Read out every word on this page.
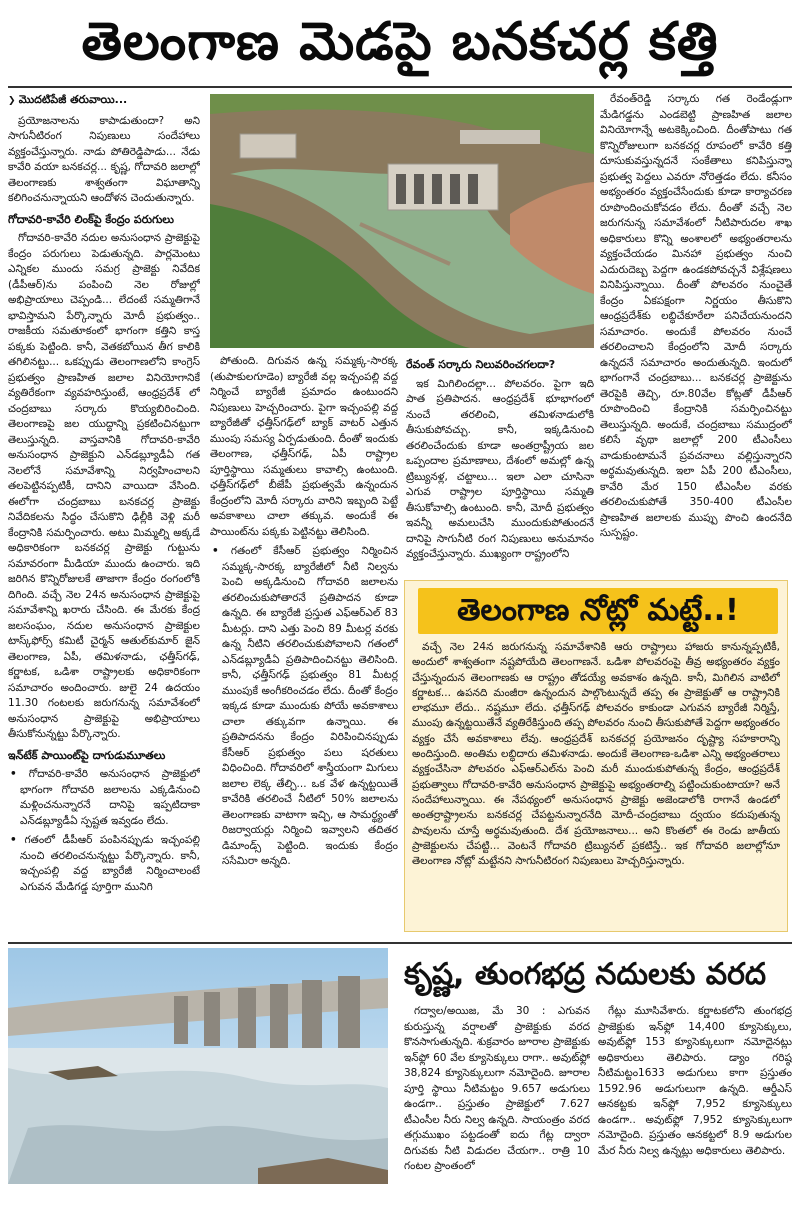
తెలంగాణ మెడపై బనకచర్ల కత్తి
❯ మొదటిపేజీ తరువాయి...

ప్రయోజనాలను కాపాడుతుందా? అని సాగునీటిరంగ నిపుణులు సందేహాలు వ్యక్తంచేస్తున్నారు. నాడు పోతిరెడ్డిపాడు... నేడు కావేరి వయా బనకచర్ల... కృష్ణ, గోదావరి జలాల్లో తెలంగాణకు శాశ్వతంగా విఘాతాన్ని కలిగించనున్నాయని ఆందోళన చెందుతున్నారు.

గోదావరి-కావేరి లింక్‌పై కేంద్రం పరుగులు

గోదావరి-కావేరి నదుల అనుసంధాన ప్రాజెక్టుపై కేంద్రం పరుగులు పెడుతున్నది. పార్లమెంటు ఎన్నికల ముందు సమగ్ర ప్రాజెక్టు నివేదిక (డీపీఆర్)ను పంపించి నెల రోజుల్లో అభిప్రాయాలు చెప్పండి... లేదంటే సమ్మతిగానే భావిస్తామని పేర్కొన్నారు మోదీ ప్రభుత్వం.. రాజకీయ సమతూకంలో భాగంగా కత్తిని కాస్త పక్కకు పెట్టింది. కానీ, వెతకబోయిన తీగ కాలికి తగిలినట్టు... ఒకప్పుడు తెలంగాణలోని కాంగ్రెస్ ప్రభుత్వం ప్రాణహిత జలాల వినియోగానికే వ్యతిరేకంగా వ్యవహరిస్తుంటే, ఆంధ్రప్రదేశ్ లో చంద్రబాబు సర్కారు కొయ్యబిరించింది. తెలంగాణపై జల యుద్ధాన్ని ప్రకటించినట్టుగా తెలుస్తున్నది. వాస్తవానికి గోదావరి-కావేరి అనుసంధాన ప్రాజెక్టుని ఎన్‌డబ్ల్యూడీఏ గత నెలలోనే సమావేశాన్ని నిర్వహించాలని తలపెట్టినప్పటికీ, దానిని వాయిదా వేసింది. ఈలోగా చంద్రబాబు బనకచర్ల ప్రాజెక్టు నివేదికలను సిద్ధం చేసుకొని ఢిల్లీకి వెళ్లి మరీ కేంద్రానికి సమర్పించారు. అటు మిమ్మల్ని అక్కడే అధికారికంగా బనకచర్ల ప్రాజెక్టు గుట్టును సమావరంగా మీడియా ముందు ఉంచారు. ఇది జరిగిన కొన్నిరోజులకే తాజాగా కేంద్రం రంగంలోకి దిగింది. వచ్చే నెల 24న అనుసంధాన ప్రాజెక్టుపై సమావేశాన్ని ఖరారు చేసింది. ఈ మేరకు కేంద్ర జలసంఘం, నదుల అనుసంధాన ప్రాజెక్టుల టాస్క్‌ఫోర్స్ కమిటీ చైర్మన్ ఆతుల్‌కుమార్ జైన్ తెలంగాణ, ఏపీ, తమిళనాడు, ఛత్తీస్‌గఢ్, కర్ణాటక, ఒడిశా రాష్ట్రాలకు అధికారికంగా సమాచారం అందించారు. జులై 24 ఉదయం 11.30 గంటలకు జరుగనున్న సమావేశంలో అనుసంధాన ప్రాజెక్టుపై అభిప్రాయాలు తీసుకోనున్నట్టు పేర్కొన్నారు.

ఇన్‌టేక్ పాయింట్‌పై దాగుడుమూతలు

• గోదావరి-కావేరి అనుసంధాన ప్రాజెక్టులో భాగంగా గోదావరి జలాలను ఎక్కడినుంచి మళ్లించనున్నారనే దానిపై ఇప్పటిదాకా ఎన్‌డబ్ల్యూడీఏ స్పష్టత ఇవ్వడం లేదు.

• గతంలో డీపీఆర్ పంపినప్పుడు ఇచ్చంపల్లి నుంచి తరలించనున్నట్టు పేర్కొన్నారు. కానీ, ఇచ్చంపల్లి వద్ద బ్యారేజీ నిర్మించాలంటే ఎగువన మేడిగడ్డ పూర్తిగా మునిగి

పోతుంది. దిగువన ఉన్న సమ్మక్క-సారక్క (తుపాకులగూడెం) బ్యారేజీ వల్ల ఇచ్చంపల్లి వద్ద నిర్మించే బ్యారేజీ ప్రమాదం ఉంటుందని నిపుణులు హెచ్చరించారు. పైగా ఇచ్చంపల్లి వద్ద బ్యారేజీతో ఛత్తీస్‌గఢ్‌లో బ్యాక్ వాటర్ ఎత్తున ముంపు సమస్య ఏర్పడుతుంది. దీంతో ఇందుకు తెలంగాణ, ఛత్తీస్‌గఢ్, ఏపీ రాష్ట్రాల పూర్తిస్థాయి సమ్మతులు కావాల్సి ఉంటుంది. ఛత్తీస్‌గఢ్‌లో బీజేపీ ప్రభుత్వమే ఉన్నందున కేంద్రంలోని మోదీ సర్కారు వారిని ఇబ్బంది పెట్టే అవకాశాలు చాలా తక్కువ. అందుకే ఈ పాయింట్‌ను పక్కకు పెట్టినట్టు తెలిసింది.

• గతంలో కేసీఆర్ ప్రభుత్వం నిర్మించిన సమ్మక్క-సారక్క బ్యారేజీలో నీటి నిల్వను పెంచి అక్కడినుంచి గోదావరి జలాలను తరలించుకుపోతారనే ప్రతిపాదన కూడా ఉన్నది. ఈ బ్యారేజీ ప్రస్తుత ఎఫ్‌ఆర్‌ఎల్ 83 మీటర్లు. దాని ఎత్తు పెంచి 89 మీటర్ల వరకు ఉన్న నీటిని తరలించుకుపోవాలని గతంలో ఎన్‌డబ్ల్యూడీఏ ప్రతిపాదించినట్టు తెలిసింది. కానీ, ఛత్తీస్‌గఢ్ ప్రభుత్వం 81 మీటర్ల ముంపుకే అంగీకరించడం లేదు. దీంతో కేంద్రం ఇక్కడ కూడా ముందుకు పోయే అవకాశాలు చాలా తక్కువగా ఉన్నాయి. ఈ ప్రతిపాదనను కేంద్రం విరిపించినప్పుడు కేసీఆర్ ప్రభుత్వం పలు షరతులు విధించింది. గోదావరిలో శాస్త్రీయంగా మిగులు జలాల లెక్క తేల్చి... ఒక వేళ ఉన్నట్టయితే కావేరికి తరలించే నీటిలో 50% జలాలను తెలంగాణకు వాటాగా ఇచ్చి, ఆ సామర్థ్యంతో రిజర్వాయర్లు నిర్మించి ఇవ్వాలని తదితర డిమాండ్స్ పెట్టింది. ఇందుకు కేంద్రం ససేమిరా అన్నది.

రేవంత్ సర్కారు నిలువరించగలదా?

ఇక మిగిలిందల్లా... పోలవరం. పైగా ఇది పాత ప్రతిపాదన. ఆంధ్రప్రదేశ్ భూభాగంలో నుంచే తరలించి, తమిళనాడులోకి తీసుకుపోవచ్చు. కానీ, ఇక్కడినుంచి తరలించేందుకు కూడా అంతర్రాష్ట్రీయ జల ఒప్పందాల ప్రమాణాలు, దేశంలో అమల్లో ఉన్న ట్రిబ్యునళ్ల, చట్టాలు... ఇలా ఎలా చూసినా ఎగువ రాష్ట్రాల పూర్తిస్థాయి సమ్మతి తీసుకోవాల్సి ఉంటుంది. కానీ, మోదీ ప్రభుత్వం ఇవన్నీ అమలుచేసి ముందుకుపోతుందనే దానిపై సాగునీటి రంగ నిపుణులు అనుమానం వ్యక్తంచేస్తున్నారు. ముఖ్యంగా రాష్ట్రంలోని

రేవంత్‌రెడ్డి సర్కారు గత రెండేండ్లుగా మేడిగడ్డను ఎండబెట్టి ప్రాణహిత జలాల వినియోగాన్నే అటకెక్కించింది. దీంతోపాటు గత కొన్నిరోజులుగా బనకచర్ల రూపంలో కావేరి కత్తి దూసుకువస్తున్నదనే సంకేతాలు కనిపిస్తున్నా ప్రభుత్వ పెద్దలు ఎవరూ నోరెత్తడం లేదు. కనీసం అభ్యంతరం వ్యక్తంచేసేందుకు కూడా కార్యాచరణ రూపొందించుకోవడం లేదు. దీంతో వచ్చే నెల జరుగనున్న సమావేశంలో నీటిపారుదల శాఖ అధికారులు కొన్ని అంశాలలో అభ్యంతరాలను వ్యక్తంచేయడం మినహా ప్రభుత్వం నుంచి ఎదురుదెబ్బ పెద్దగా ఉండకపోవచ్చనే విశ్లేషణలు వినిపిస్తున్నాయి. దీంతో పోలవరం నుంచైతే కేంద్రం ఏకపక్షంగా నిర్ణయం తీసుకొని ఆంధ్రప్రదేశ్‌కు లబ్ధిచేకూరేలా పనిచేయనుందని సమాచారం. అందుకే పోలవరం నుంచే తరలించాలని కేంద్రంలోని మోదీ సర్కారు ఉన్నదనే సమాచారం అందుతున్నది. ఇందులో భాగంగానే చంద్రబాబు... బనకచర్ల ప్రాజెక్టును తెరపైకి తెచ్చి, రూ.80వేల కోట్లతో డీపీఆర్ రూపొందించి కేంద్రానికి సమర్పించినట్టు తెలుస్తున్నది. అందుకే, చంద్రబాబు సముద్రంలో కలిసే వృథా జలాల్లో 200 టీఎంసీలు వాడుకుంటామనే ప్రవచనాలు వల్లిస్తున్నారని అర్థమవుతున్నది. ఇలా ఏపీ 200 టీఎంసీలు, కావేరి మేర 150 టీఎంసీల వరకు తరలించుకుపోతే 350-400 టీఎంసీల ప్రాణహిత జలాలకు ముప్పు పొంచి ఉందనేది సుస్పష్టం.

తెలంగాణ నోట్లో మట్టే..!

వచ్చే నెల 24న జరుగనున్న సమావేశానికి ఆరు రాష్ట్రాలు హాజరు కానున్నప్పటికీ, అందులో శాశ్వతంగా నష్టపోయేది తెలంగాణనే. ఒడిశా పోలవరంపై తీవ్ర అభ్యంతరం వ్యక్తం చేస్తున్నందున తెలంగాణకు ఆ రాష్ట్రం తోడయ్యే అవకాశం ఉన్నది. కానీ, మిగిలిన వాటిలో కర్ణాటక... ఉపనది మంజీరా ఉన్నందున పాల్గొంటున్నదే తప్ప ఈ ప్రాజెక్టుతో ఆ రాష్ట్రానికి లాభమూ లేదు.. నష్టమూ లేదు. ఛత్తీస్‌గఢ్ పోలవరం కాకుండా ఎగువన బ్యారేజీ నిర్మిస్తే, ముంపు ఉన్నట్టయితేనే వ్యతిరేకిస్తుంది తప్ప పోలవరం నుంచి తీసుకుపోతే పెద్దగా అభ్యంతరం వ్యక్తం చేసే అవకాశాలు లేవు. ఆంధ్రప్రదేశ్ బనకచర్ల ప్రయోజనం దృష్ట్యా సహకారాన్ని అందిస్తుంది. అంతిమ లబ్ధిదారు తమిళనాడు. అందుకే తెలంగాణ-ఒడిశా ఎన్ని అభ్యంతరాలు వ్యక్తంచేసినా పోలవరం ఎఫ్‌ఆర్‌ఎల్‌ను పెంచి మరీ ముందుకుపోతున్న కేంద్రం, ఆంధ్రప్రదేశ్ ప్రభుత్వాలు గోదావరి-కావేరి అనుసంధాన ప్రాజెక్టుపై అభ్యంతరాల్ని పట్టించుకుంటాయా? అనే సందేహాలున్నాయి. ఈ నేపథ్యంలో అనుసంధాన ప్రాజెక్టు అజెండాలోకి రాగానే ఉండలో అంతర్రాష్ట్రాలను బనకచర్ల చేపట్టనున్నారనేది మోదీ-చంద్రబాబు ద్వయం కదుపుతున్న పావులను చూస్తే అర్థమవుతుంది. దేశ ప్రయోజనాలు... అని కొంతలో ఈ రెండు జాతీయ ప్రాజెక్టులను చేపట్టి... వెంటనే గోదావరి ట్రిబ్యునల్ ప్రకటిస్తే.. ఇక గోదావరి జలాల్లోనూ తెలంగాణ నోట్లో మట్టేనని సాగునీటిరంగ నిపుణులు హెచ్చరిస్తున్నారు.

కృష్ణ, తుంగభద్ర నదులకు వరద

గద్వాల/అయిజ, మే 30 : ఎగువన కురుస్తున్న వర్షాలతో ప్రాజెక్టుకు వరద కొనసాగుతున్నది. శుక్రవారం జూరాల ప్రాజెక్టుకు ఇన్‌ఫ్లో 60 వేల క్యూసెక్కులు రాగా.. అవుట్‌ఫ్లో 38,824 క్యూసెక్కులుగా నమోదైంది. జూరాల పూర్తి స్థాయి నీటిమట్టం 9.657 అడుగులు ఉండగా.. ప్రస్తుతం ప్రాజెక్టులో 7.627 టీఎంసీల నీరు నిల్వ ఉన్నది. సాయంత్రం వరద తగ్గుముఖం పట్టడంతో ఐదు గేట్ల ద్వారా దిగువకు నీటి విడుదల చేయగా.. రాత్రి 10 గంటల ప్రాంతంలో

గేట్లు మూసివేశారు. కర్ణాటకలోని తుంగభద్ర ప్రాజెక్టుకు ఇన్‌ఫ్లో 14,400 క్యూసెక్కులు, అవుట్‌ఫ్లో 153 క్యూసెక్కులుగా నమోదైనట్లు అధికారులు తెలిపారు. డ్యాం గరిష్ఠ నీటిమట్టం1633 అడుగులు కాగా ప్రస్తుతం 1592.96 అడుగులుగా ఉన్నది. ఆర్డీఎస్ ఆనకట్టకు ఇన్‌ఫ్లో 7,952 క్యూసెక్కులు ఉండగా.. అవుట్‌ఫ్లో 7,952 క్యూసెక్కులుగా నమోదైంది. ప్రస్తుతం ఆనకట్టలో 8.9 అడుగుల మేర నీరు నిల్వ ఉన్నట్లు అధికారులు తెలిపారు.
